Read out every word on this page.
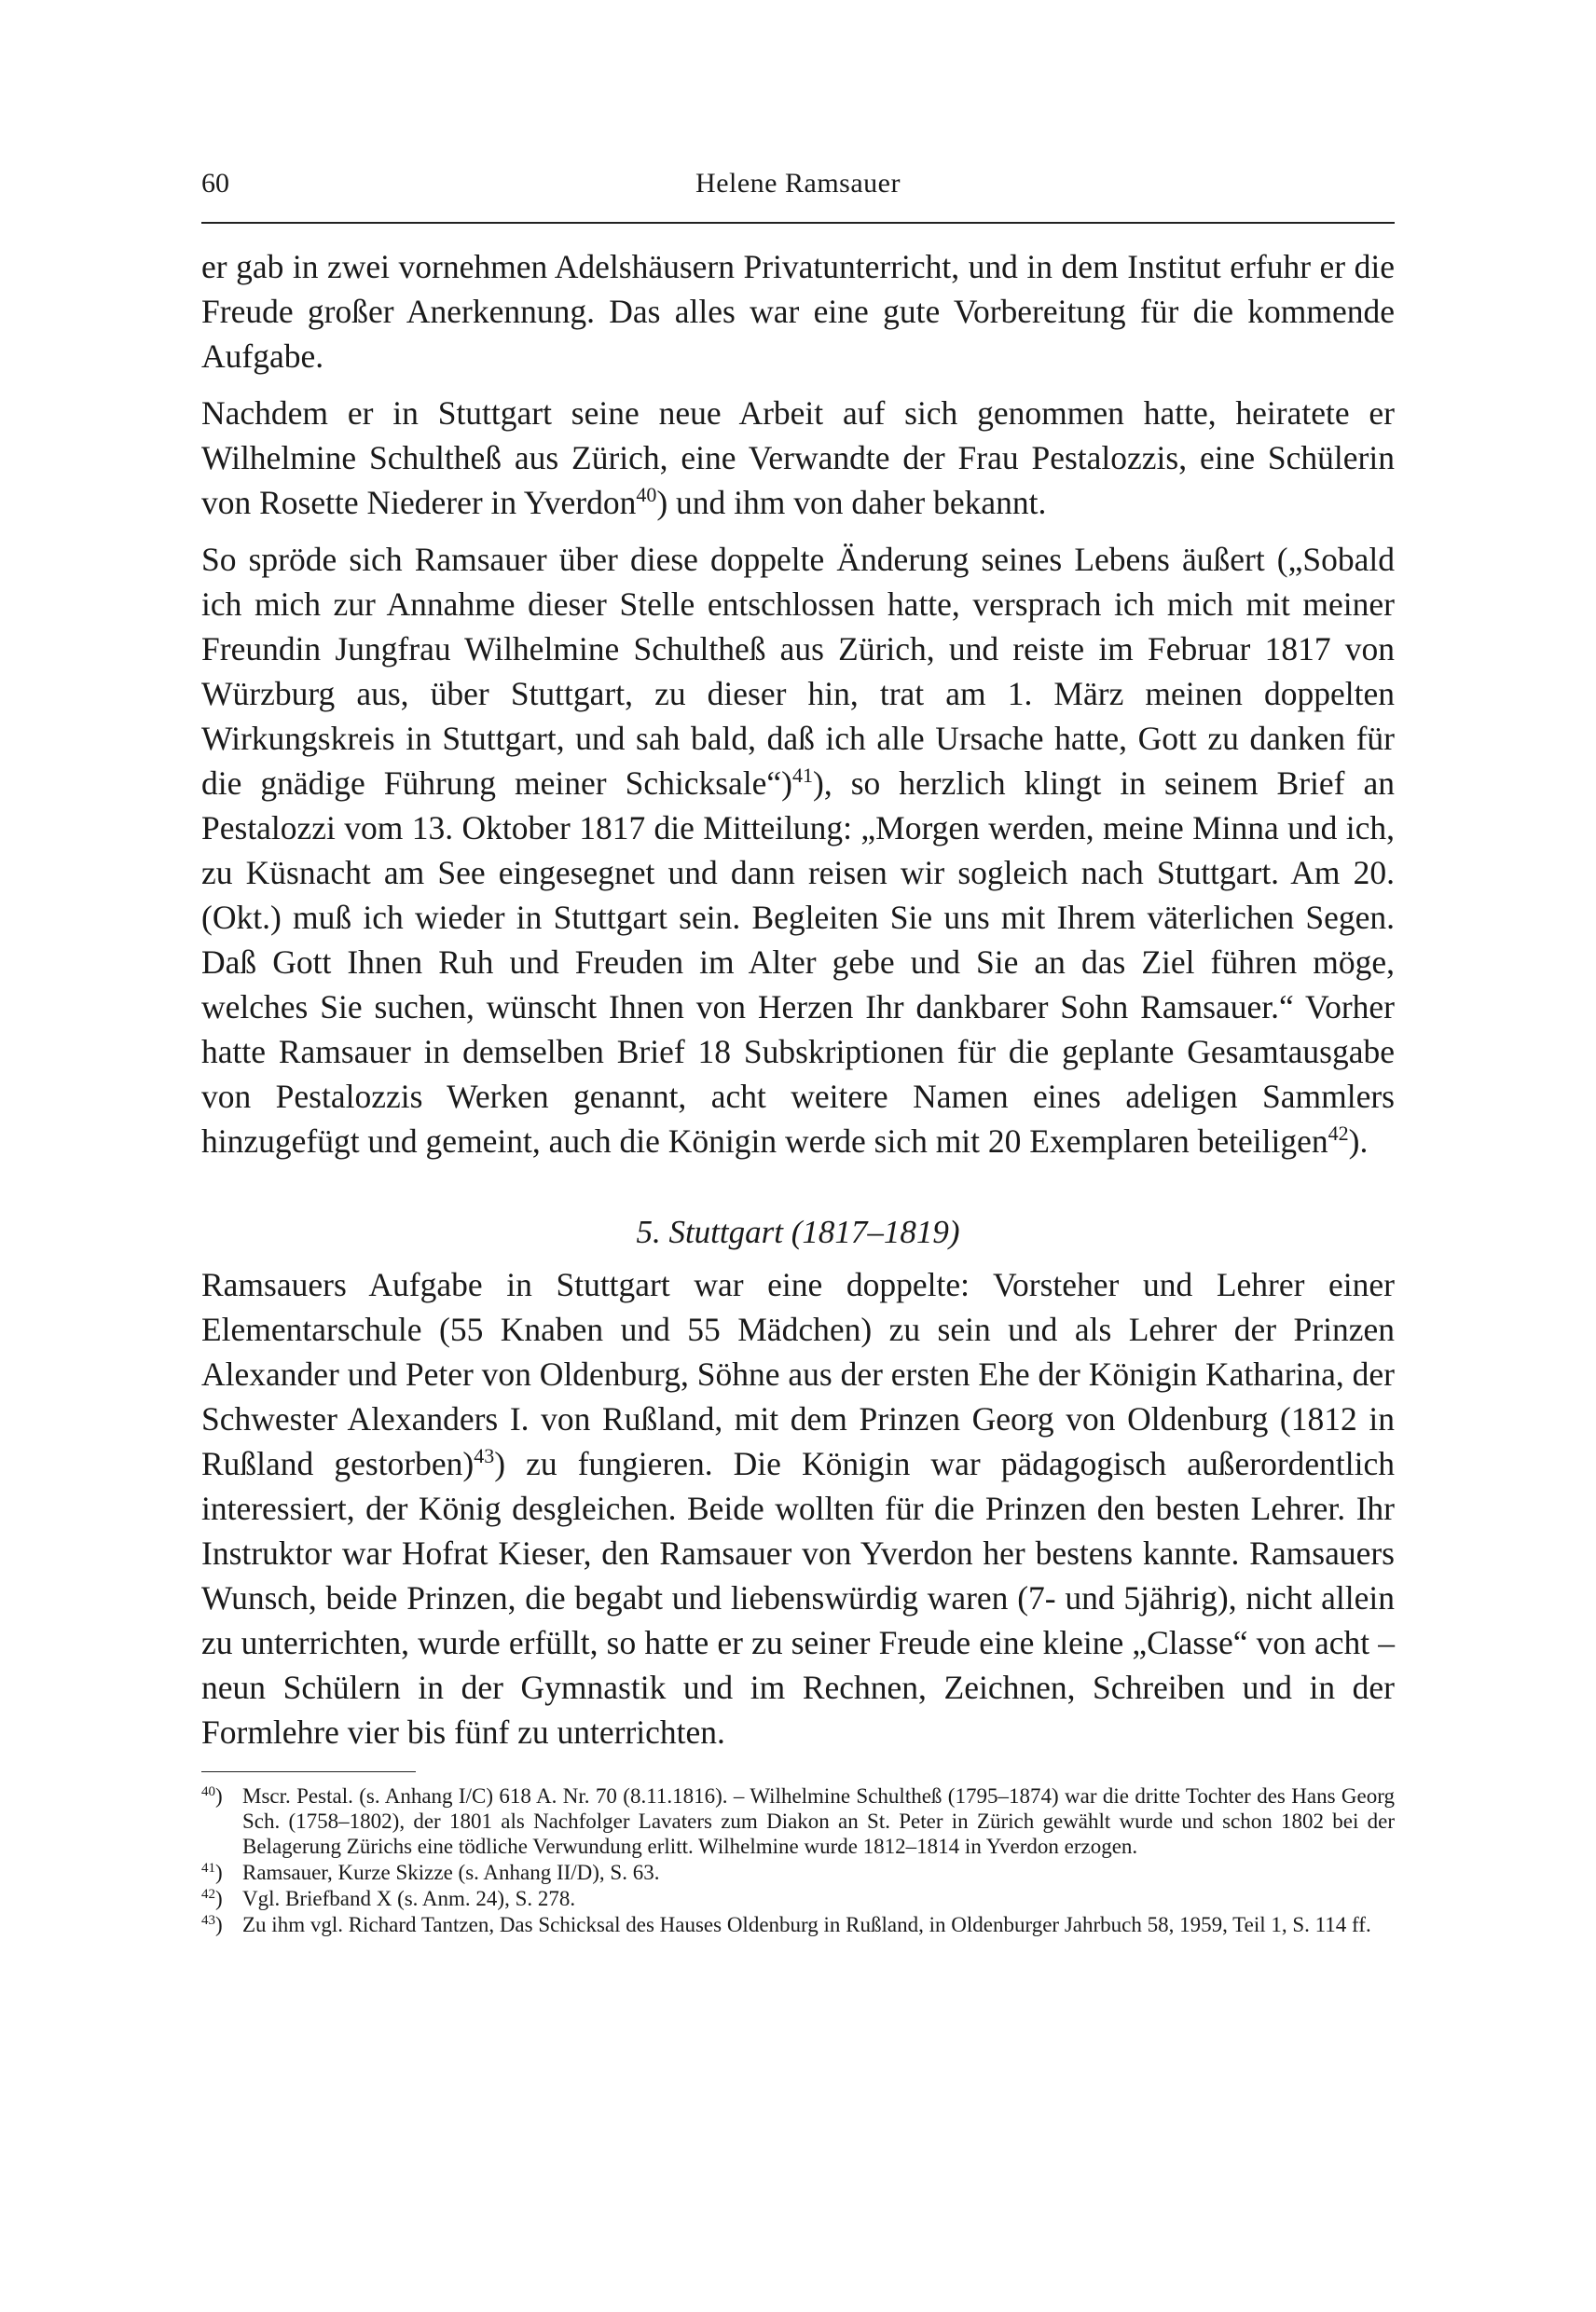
60	Helene Ramsauer

er gab in zwei vornehmen Adelshäusern Privatunterricht, und in dem Institut erfuhr er die Freude großer Anerkennung. Das alles war eine gute Vorbereitung für die kommende Aufgabe.

Nachdem er in Stuttgart seine neue Arbeit auf sich genommen hatte, heiratete er Wilhelmine Schultheß aus Zürich, eine Verwandte der Frau Pestalozzis, eine Schülerin von Rosette Niederer in Yverdon$^{40}$) und ihm von daher bekannt.

So spröde sich Ramsauer über diese doppelte Änderung seines Lebens äußert („Sobald ich mich zur Annahme dieser Stelle entschlossen hatte, versprach ich mich mit meiner Freundin Jungfrau Wilhelmine Schultheß aus Zürich, und reiste im Februar 1817 von Würzburg aus, über Stuttgart, zu dieser hin, trat am 1. März meinen doppelten Wirkungskreis in Stuttgart, und sah bald, daß ich alle Ursache hatte, Gott zu danken für die gnädige Führung meiner Schicksale“)$^{41}$), so herzlich klingt in seinem Brief an Pestalozzi vom 13. Oktober 1817 die Mitteilung: „Morgen werden, meine Minna und ich, zu Küsnacht am See eingesegnet und dann reisen wir sogleich nach Stuttgart. Am 20. (Okt.) muß ich wieder in Stuttgart sein. Begleiten Sie uns mit Ihrem väterlichen Segen. Daß Gott Ihnen Ruh und Freuden im Alter gebe und Sie an das Ziel führen möge, welches Sie suchen, wünscht Ihnen von Herzen Ihr dankbarer Sohn Ramsauer.“ Vorher hatte Ramsauer in demselben Brief 18 Subskriptionen für die geplante Gesamtausgabe von Pestalozzis Werken genannt, acht weitere Namen eines adeligen Sammlers hinzugefügt und gemeint, auch die Königin werde sich mit 20 Exemplaren beteiligen$^{42}$).

5. Stuttgart (1817–1819)

Ramsauers Aufgabe in Stuttgart war eine doppelte: Vorsteher und Lehrer einer Elementarschule (55 Knaben und 55 Mädchen) zu sein und als Lehrer der Prinzen Alexander und Peter von Oldenburg, Söhne aus der ersten Ehe der Königin Katharina, der Schwester Alexanders I. von Rußland, mit dem Prinzen Georg von Oldenburg (1812 in Rußland gestorben)$^{43}$) zu fungieren. Die Königin war pädagogisch außerordentlich interessiert, der König desgleichen. Beide wollten für die Prinzen den besten Lehrer. Ihr Instruktor war Hofrat Kieser, den Ramsauer von Yverdon her bestens kannte. Ramsauers Wunsch, beide Prinzen, die begabt und liebenswürdig waren (7- und 5jährig), nicht allein zu unterrichten, wurde erfüllt, so hatte er zu seiner Freude eine kleine „Classe“ von acht – neun Schülern in der Gymnastik und im Rechnen, Zeichnen, Schreiben und in der Formlehre vier bis fünf zu unterrichten.

$^{40}$) Mscr. Pestal. (s. Anhang I/C) 618 A. Nr. 70 (8.11.1816). – Wilhelmine Schultheß (1795–1874) war die dritte Tochter des Hans Georg Sch. (1758–1802), der 1801 als Nachfolger Lavaters zum Diakon an St. Peter in Zürich gewählt wurde und schon 1802 bei der Belagerung Zürichs eine tödliche Verwundung erlitt. Wilhelmine wurde 1812–1814 in Yverdon erzogen.
$^{41}$) Ramsauer, Kurze Skizze (s. Anhang II/D), S. 63.
$^{42}$) Vgl. Briefband X (s. Anm. 24), S. 278.
$^{43}$) Zu ihm vgl. Richard Tantzen, Das Schicksal des Hauses Oldenburg in Rußland, in Oldenburger Jahrbuch 58, 1959, Teil 1, S. 114 ff.
